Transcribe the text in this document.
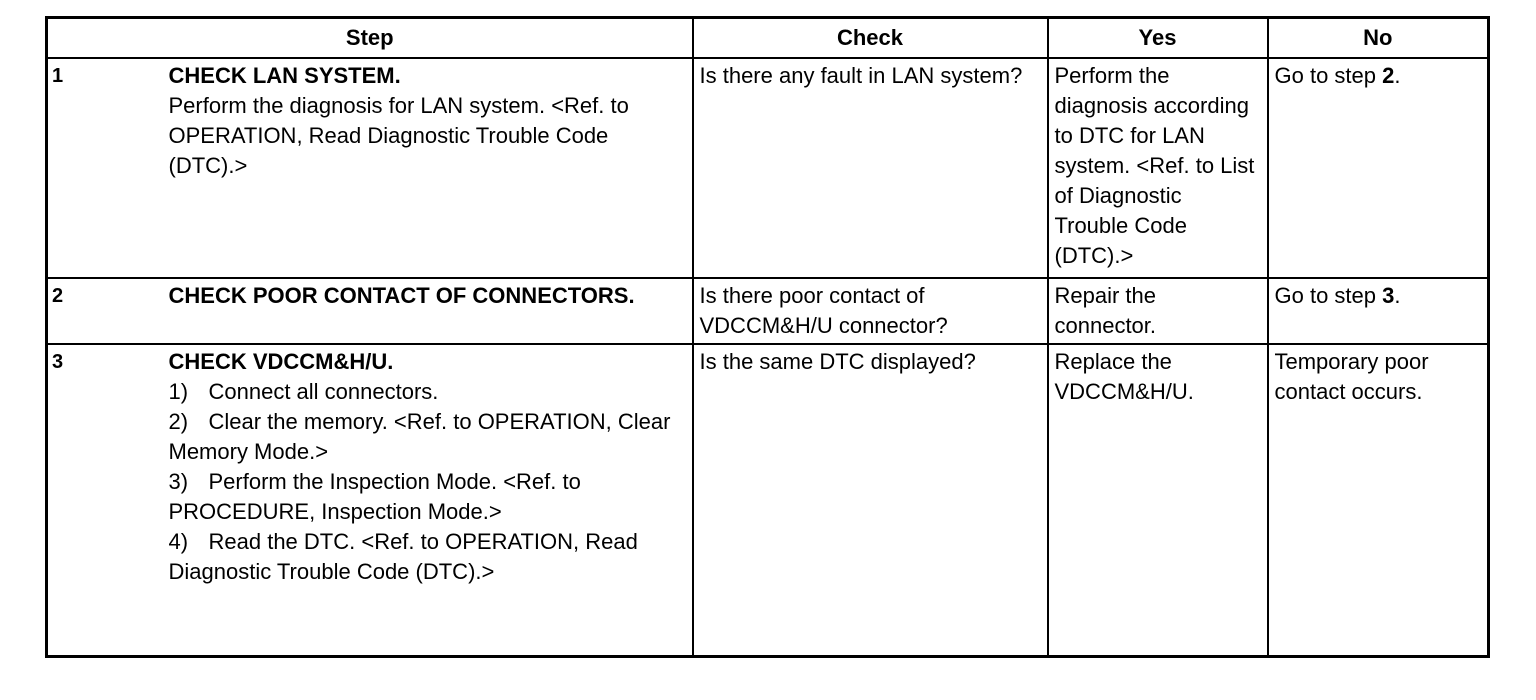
Step		Check	Yes	No
1	CHECK LAN SYSTEM.
Perform the diagnosis for LAN system. <Ref. to OPERATION, Read Diagnostic Trouble Code (DTC).>	Is there any fault in LAN system?	Perform the diagnosis according to DTC for LAN system. <Ref. to List of Diagnostic Trouble Code (DTC).>	Go to step 2.
2	CHECK POOR CONTACT OF CONNECTORS.	Is there poor contact of VDCCM&H/U connector?	Repair the connector.	Go to step 3.
3	CHECK VDCCM&H/U.
1) Connect all connectors.
2) Clear the memory. <Ref. to OPERATION, Clear Memory Mode.>
3) Perform the Inspection Mode. <Ref. to PROCEDURE, Inspection Mode.>
4) Read the DTC. <Ref. to OPERATION, Read Diagnostic Trouble Code (DTC).>	Is the same DTC displayed?	Replace the VDCCM&H/U.	Temporary poor contact occurs.
